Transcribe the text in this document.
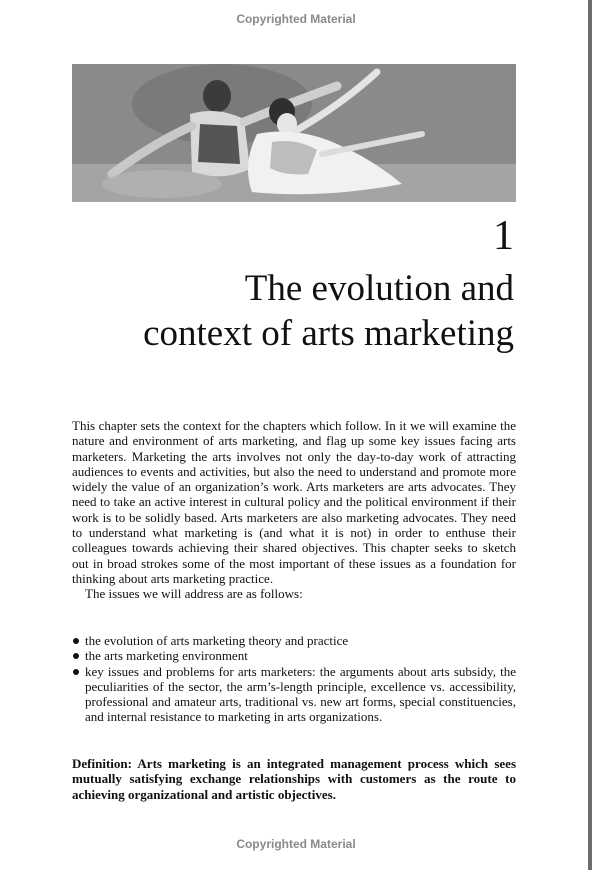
Copyrighted Material
1
The evolution and
context of arts marketing

This chapter sets the context for the chapters which follow. In it we will examine the nature and environment of arts marketing, and flag up some key issues facing arts marketers. Marketing the arts involves not only the day-to-day work of attracting audiences to events and activities, but also the need to understand and promote more widely the value of an organization’s work. Arts marketers are arts advocates. They need to take an active interest in cultural policy and the political environment if their work is to be solidly based. Arts marketers are also marketing advocates. They need to understand what marketing is (and what it is not) in order to enthuse their colleagues towards achieving their shared objectives. This chapter seeks to sketch out in broad strokes some of the most important of these issues as a foundation for thinking about arts marketing practice.

The issues we will address are as follows:

the evolution of arts marketing theory and practice
the arts marketing environment
key issues and problems for arts marketers: the arguments about arts subsidy, the peculiarities of the sector, the arm’s-length principle, excellence vs. accessibility, professional and amateur arts, traditional vs. new art forms, special constituencies, and internal resistance to marketing in arts organizations.
Definition: Arts marketing is an integrated management process which sees mutually satisfying exchange relationships with customers as the route to achieving organizational and artistic objectives.
Copyrighted Material
